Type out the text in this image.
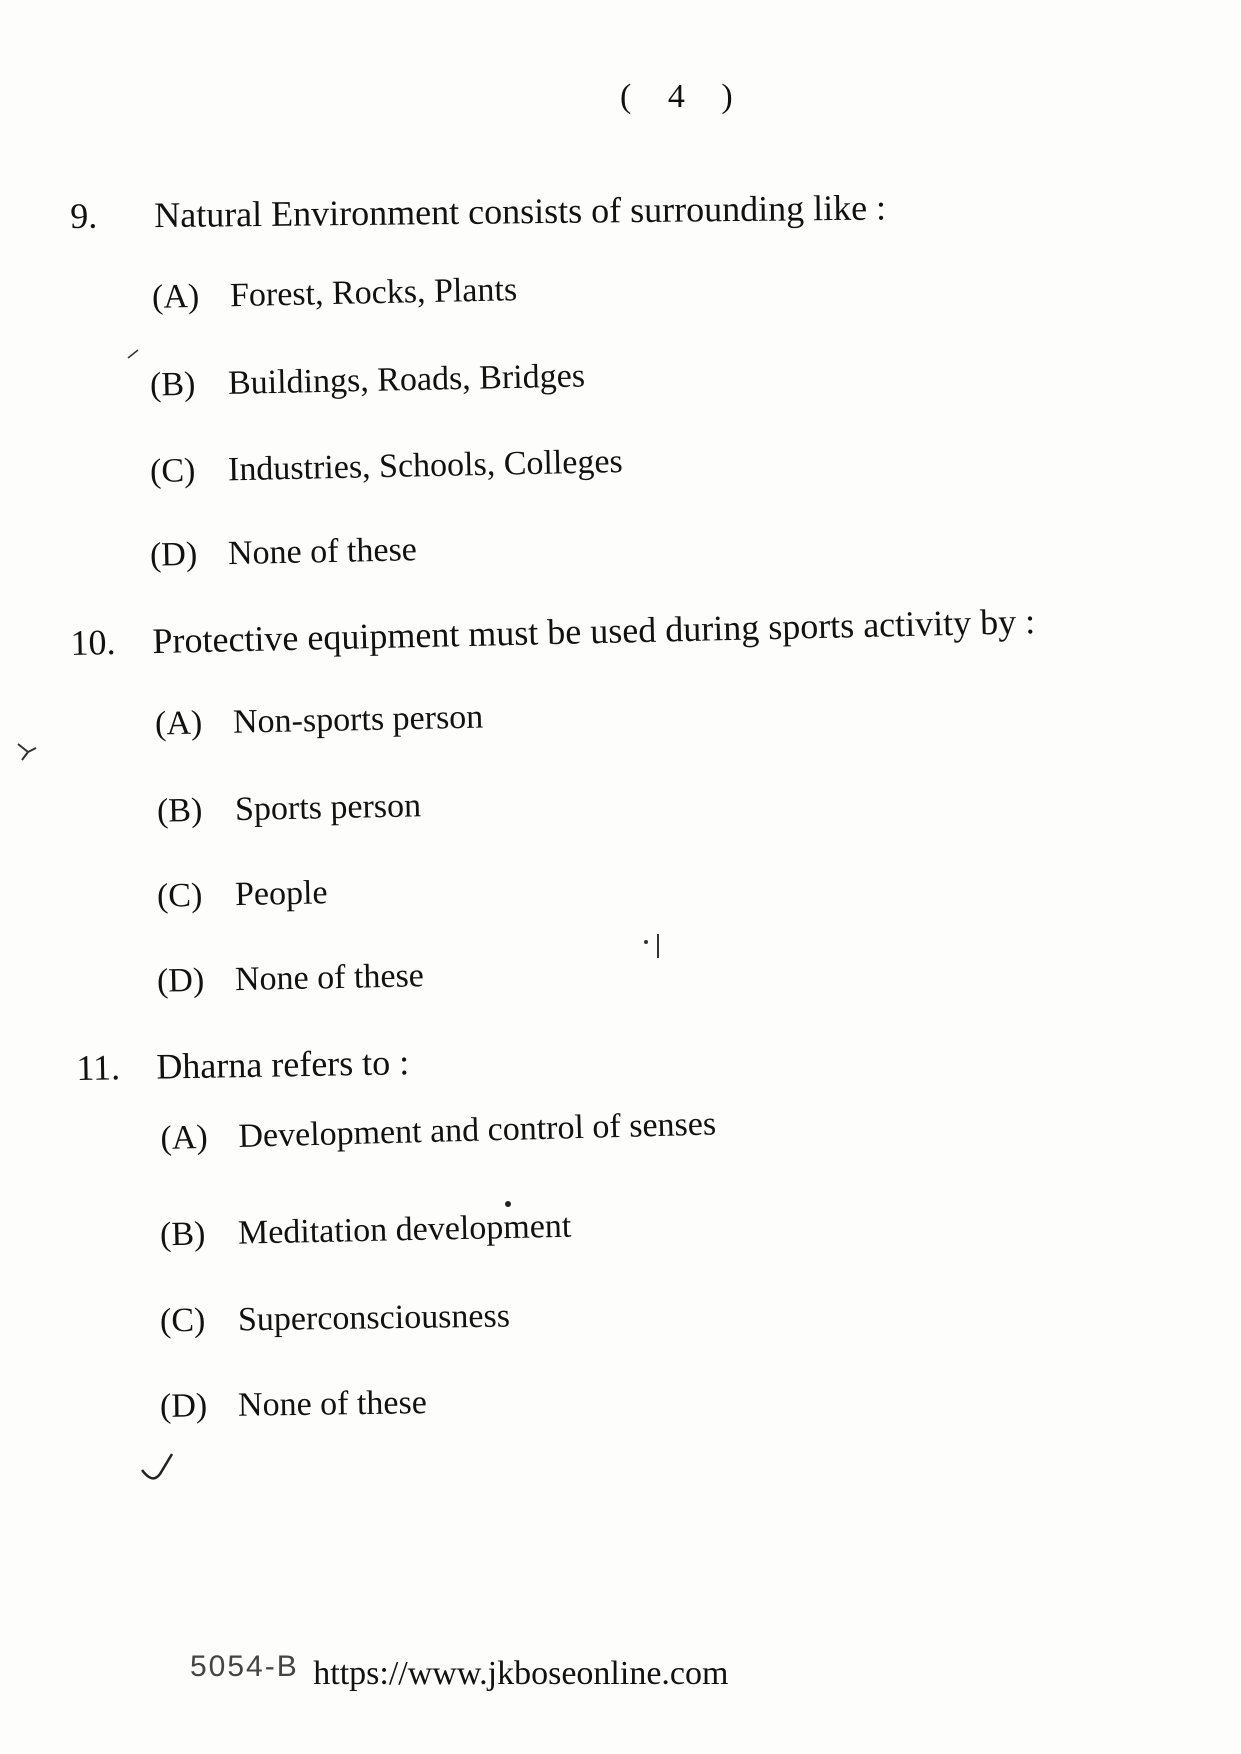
( 4 )
9. Natural Environment consists of surrounding like :
(A) Forest, Rocks, Plants
(B) Buildings, Roads, Bridges
(C) Industries, Schools, Colleges
(D) None of these
10. Protective equipment must be used during sports activity by :
(A) Non-sports person
(B) Sports person
(C) People
(D) None of these
11. Dharna refers to :
(A) Development and control of senses
(B) Meditation development
(C) Superconsciousness
(D) None of these
5054-B https://www.jkboseonline.com
